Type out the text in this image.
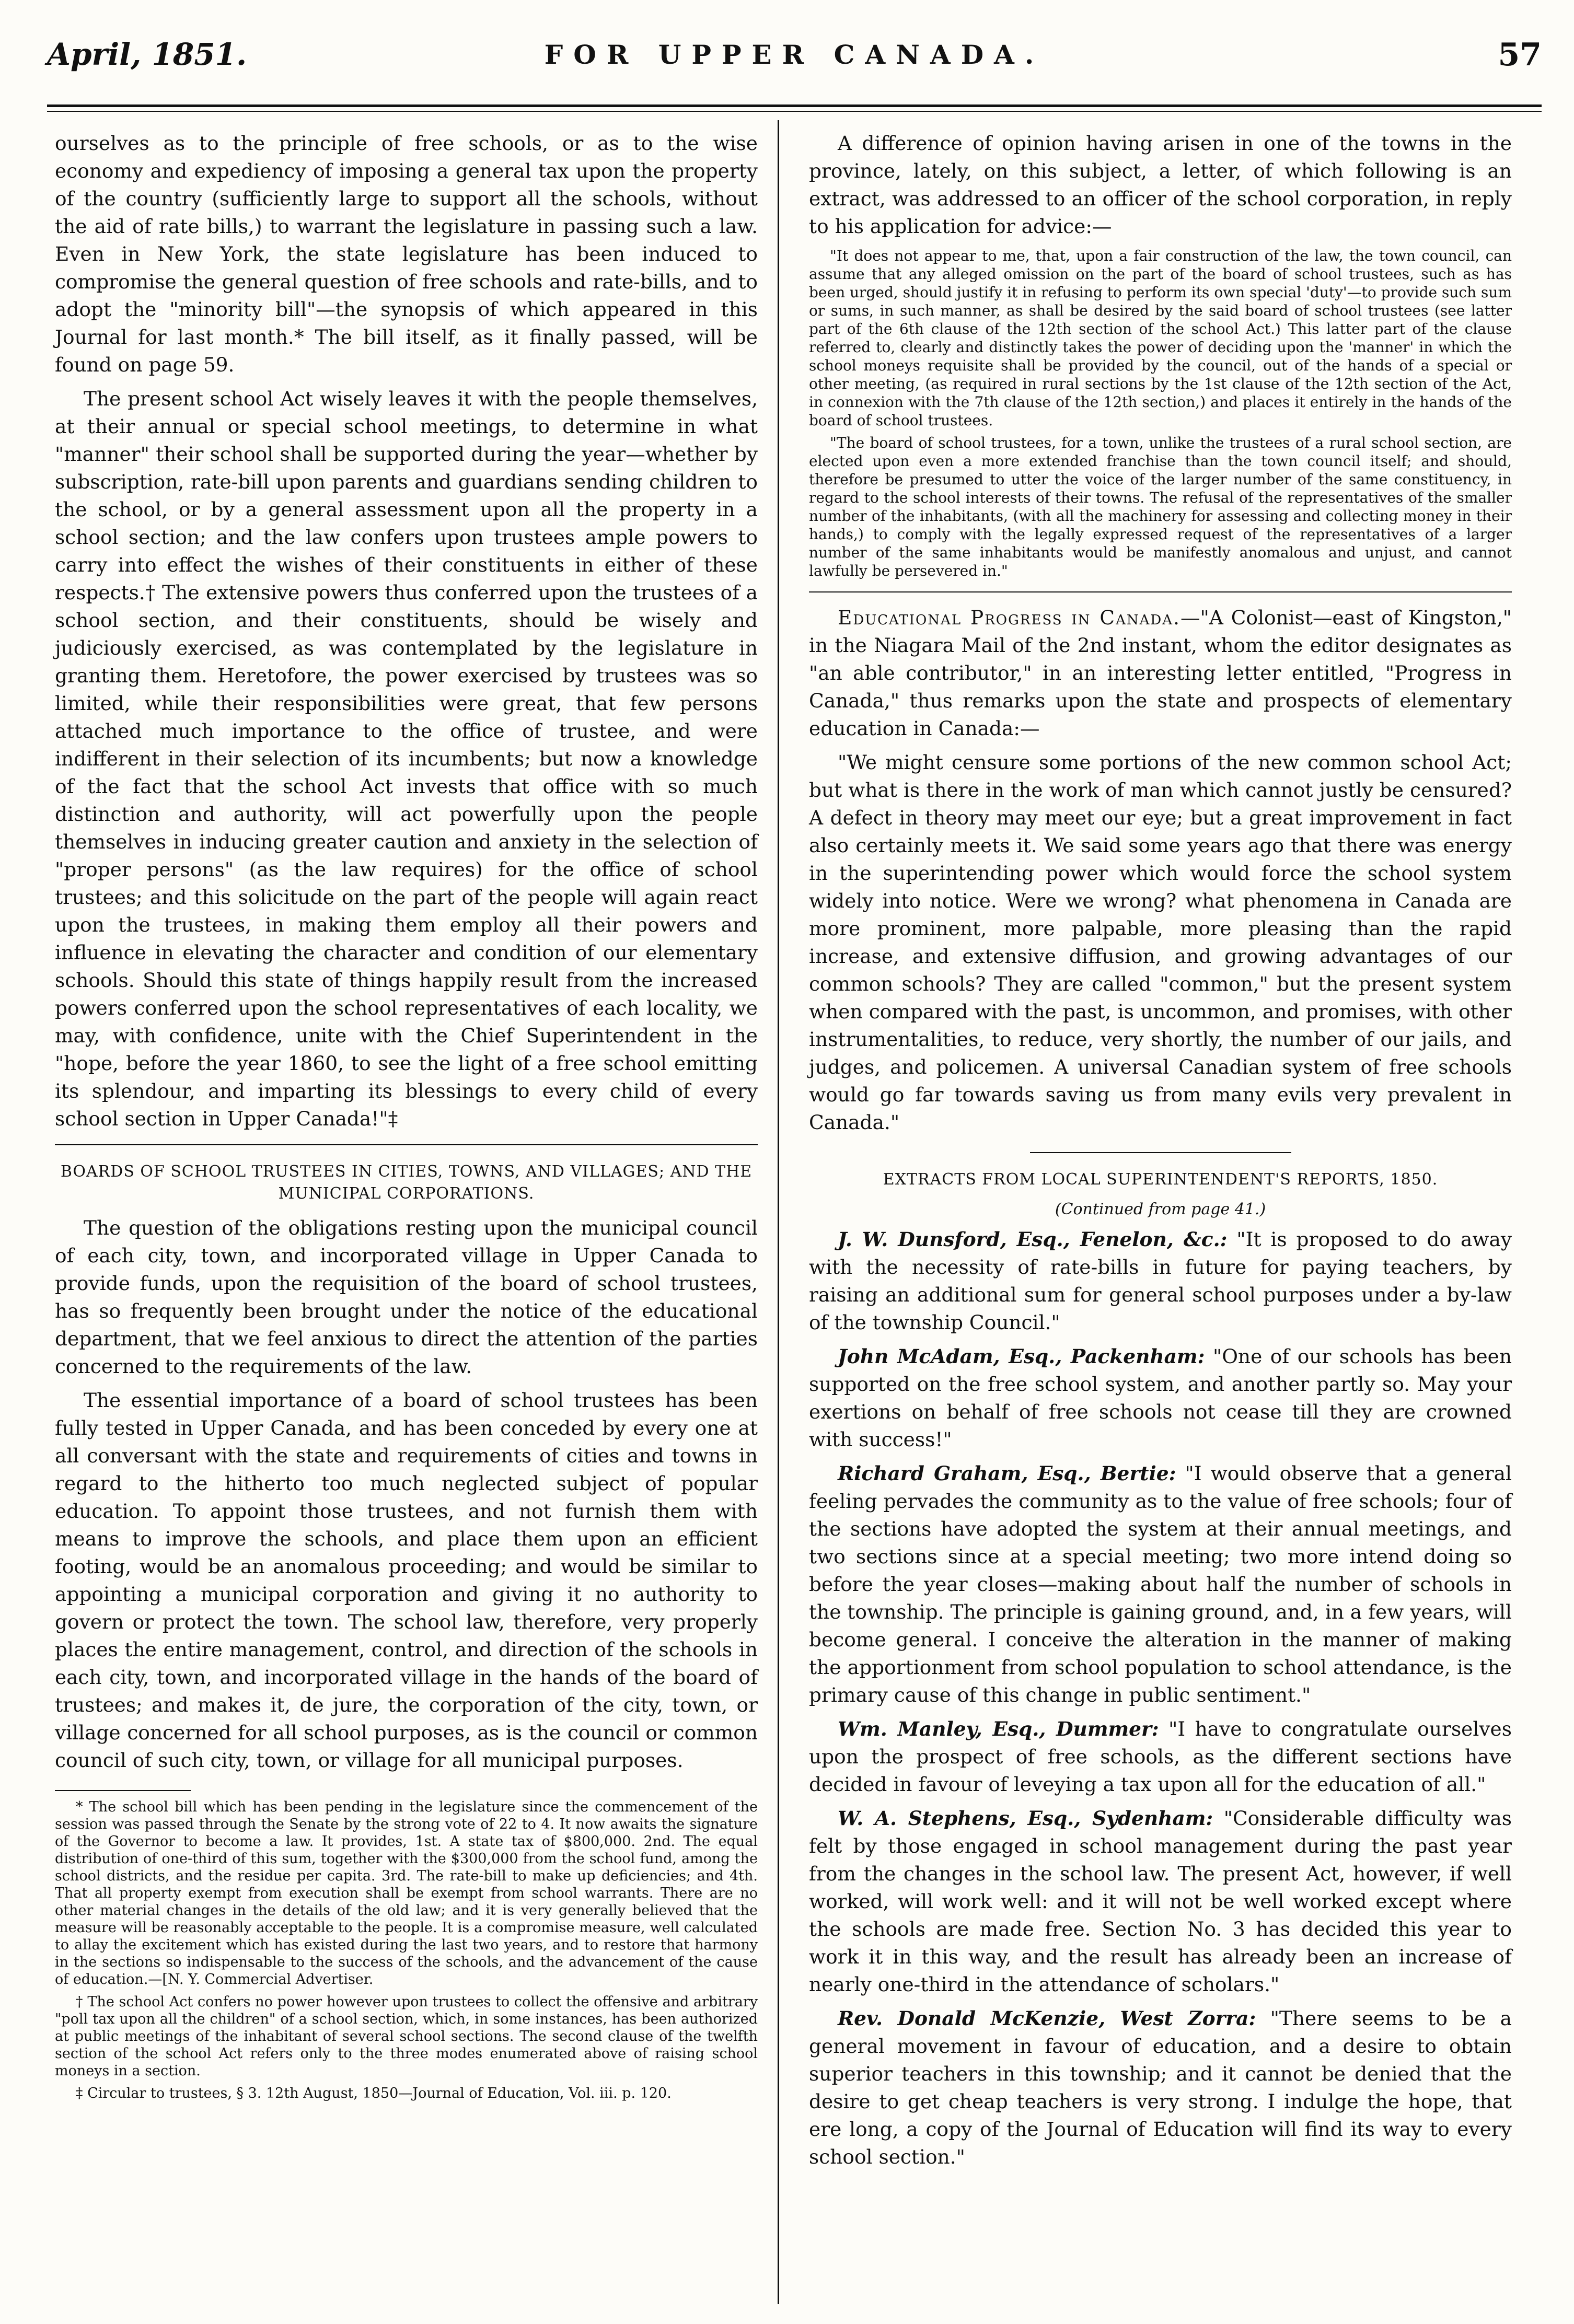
April, 1851.	FOR UPPER CANADA.	57

ourselves as to the principle of free schools, or as to the wise economy and expediency of imposing a general tax upon the property of the country (sufficiently large to support all the schools, without the aid of rate bills,) to warrant the legislature in passing such a law. Even in New York, the state legislature has been induced to compromise the general question of free schools and rate-bills, and to adopt the "minority bill"—the synopsis of which appeared in this Journal for last month.* The bill itself, as it finally passed, will be found on page 59.

The present school Act wisely leaves it with the people themselves, at their annual or special school meetings, to determine in what "manner" their school shall be supported during the year—whether by subscription, rate-bill upon parents and guardians sending children to the school, or by a general assessment upon all the property in a school section; and the law confers upon trustees ample powers to carry into effect the wishes of their constituents in either of these respects.† The extensive powers thus conferred upon the trustees of a school section, and their constituents, should be wisely and judiciously exercised, as was contemplated by the legislature in granting them. Heretofore, the power exercised by trustees was so limited, while their responsibilities were great, that few persons attached much importance to the office of trustee, and were indifferent in their selection of its incumbents; but now a knowledge of the fact that the school Act invests that office with so much distinction and authority, will act powerfully upon the people themselves in inducing greater caution and anxiety in the selection of "proper persons" (as the law requires) for the office of school trustees; and this solicitude on the part of the people will again react upon the trustees, in making them employ all their powers and influence in elevating the character and condition of our elementary schools. Should this state of things happily result from the increased powers conferred upon the school representatives of each locality, we may, with confidence, unite with the Chief Superintendent in the "hope, before the year 1860, to see the light of a free school emitting its splendour, and imparting its blessings to every child of every school section in Upper Canada!"‡

BOARDS OF SCHOOL TRUSTEES IN CITIES, TOWNS, AND VILLAGES; AND THE MUNICIPAL CORPORATIONS.

The question of the obligations resting upon the municipal council of each city, town, and incorporated village in Upper Canada to provide funds, upon the requisition of the board of school trustees, has so frequently been brought under the notice of the educational department, that we feel anxious to direct the attention of the parties concerned to the requirements of the law.

The essential importance of a board of school trustees has been fully tested in Upper Canada, and has been conceded by every one at all conversant with the state and requirements of cities and towns in regard to the hitherto too much neglected subject of popular education. To appoint those trustees, and not furnish them with means to improve the schools, and place them upon an efficient footing, would be an anomalous proceeding; and would be similar to appointing a municipal corporation and giving it no authority to govern or protect the town. The school law, therefore, very properly places the entire management, control, and direction of the schools in each city, town, and incorporated village in the hands of the board of trustees; and makes it, de jure, the corporation of the city, town, or village concerned for all school purposes, as is the council or common council of such city, town, or village for all municipal purposes.

* The school bill which has been pending in the legislature since the commencement of the session was passed through the Senate by the strong vote of 22 to 4. It now awaits the signature of the Governor to become a law. It provides, 1st. A state tax of $800,000. 2nd. The equal distribution of one-third of this sum, together with the $300,000 from the school fund, among the school districts, and the residue per capita. 3rd. The rate-bill to make up deficiencies; and 4th. That all property exempt from execution shall be exempt from school warrants. There are no other material changes in the details of the old law; and it is very generally believed that the measure will be reasonably acceptable to the people. It is a compromise measure, well calculated to allay the excitement which has existed during the last two years, and to restore that harmony in the sections so indispensable to the success of the schools, and the advancement of the cause of education.—[N. Y. Commercial Advertiser.
† The school Act confers no power however upon trustees to collect the offensive and arbitrary "poll tax upon all the children" of a school section, which, in some instances, has been authorized at public meetings of the inhabitant of several school sections. The second clause of the twelfth section of the school Act refers only to the three modes enumerated above of raising school moneys in a section.
‡ Circular to trustees, § 3. 12th August, 1850—Journal of Education, Vol. iii. p. 120.

A difference of opinion having arisen in one of the towns in the province, lately, on this subject, a letter, of which following is an extract, was addressed to an officer of the school corporation, in reply to his application for advice:—

"It does not appear to me, that, upon a fair construction of the law, the town council, can assume that any alleged omission on the part of the board of school trustees, such as has been urged, should justify it in refusing to perform its own special 'duty'—to provide such sum or sums, in such manner, as shall be desired by the said board of school trustees (see latter part of the 6th clause of the 12th section of the school Act.) This latter part of the clause referred to, clearly and distinctly takes the power of deciding upon the 'manner' in which the school moneys requisite shall be provided by the council, out of the hands of a special or other meeting, (as required in rural sections by the 1st clause of the 12th section of the Act, in connexion with the 7th clause of the 12th section,) and places it entirely in the hands of the board of school trustees.
"The board of school trustees, for a town, unlike the trustees of a rural school section, are elected upon even a more extended franchise than the town council itself; and should, therefore be presumed to utter the voice of the larger number of the same constituency, in regard to the school interests of their towns. The refusal of the representatives of the smaller number of the inhabitants, (with all the machinery for assessing and collecting money in their hands,) to comply with the legally expressed request of the representatives of a larger number of the same inhabitants would be manifestly anomalous and unjust, and cannot lawfully be persevered in."

Educational Progress in Canada.—"A Colonist—east of Kingston," in the Niagara Mail of the 2nd instant, whom the editor designates as "an able contributor," in an interesting letter entitled, "Progress in Canada," thus remarks upon the state and prospects of elementary education in Canada:—

"We might censure some portions of the new common school Act; but what is there in the work of man which cannot justly be censured? A defect in theory may meet our eye; but a great improvement in fact also certainly meets it. We said some years ago that there was energy in the superintending power which would force the school system widely into notice. Were we wrong? what phenomena in Canada are more prominent, more palpable, more pleasing than the rapid increase, and extensive diffusion, and growing advantages of our common schools? They are called "common," but the present system when compared with the past, is uncommon, and promises, with other instrumentalities, to reduce, very shortly, the number of our jails, and judges, and policemen. A universal Canadian system of free schools would go far towards saving us from many evils very prevalent in Canada."

EXTRACTS FROM LOCAL SUPERINTENDENT'S REPORTS, 1850.
(Continued from page 41.)

J. W. Dunsford, Esq., Fenelon, &c.: "It is proposed to do away with the necessity of rate-bills in future for paying teachers, by raising an additional sum for general school purposes under a by-law of the township Council."

John McAdam, Esq., Packenham: "One of our schools has been supported on the free school system, and another partly so. May your exertions on behalf of free schools not cease till they are crowned with success!"

Richard Graham, Esq., Bertie: "I would observe that a general feeling pervades the community as to the value of free schools; four of the sections have adopted the system at their annual meetings, and two sections since at a special meeting; two more intend doing so before the year closes—making about half the number of schools in the township. The principle is gaining ground, and, in a few years, will become general. I conceive the alteration in the manner of making the apportionment from school population to school attendance, is the primary cause of this change in public sentiment."

Wm. Manley, Esq., Dummer: "I have to congratulate ourselves upon the prospect of free schools, as the different sections have decided in favour of leveying a tax upon all for the education of all."

W. A. Stephens, Esq., Sydenham: "Considerable difficulty was felt by those engaged in school management during the past year from the changes in the school law. The present Act, however, if well worked, will work well: and it will not be well worked except where the schools are made free. Section No. 3 has decided this year to work it in this way, and the result has already been an increase of nearly one-third in the attendance of scholars."

Rev. Donald McKenzie, West Zorra: "There seems to be a general movement in favour of education, and a desire to obtain superior teachers in this township; and it cannot be denied that the desire to get cheap teachers is very strong. I indulge the hope, that ere long, a copy of the Journal of Education will find its way to every school section."
